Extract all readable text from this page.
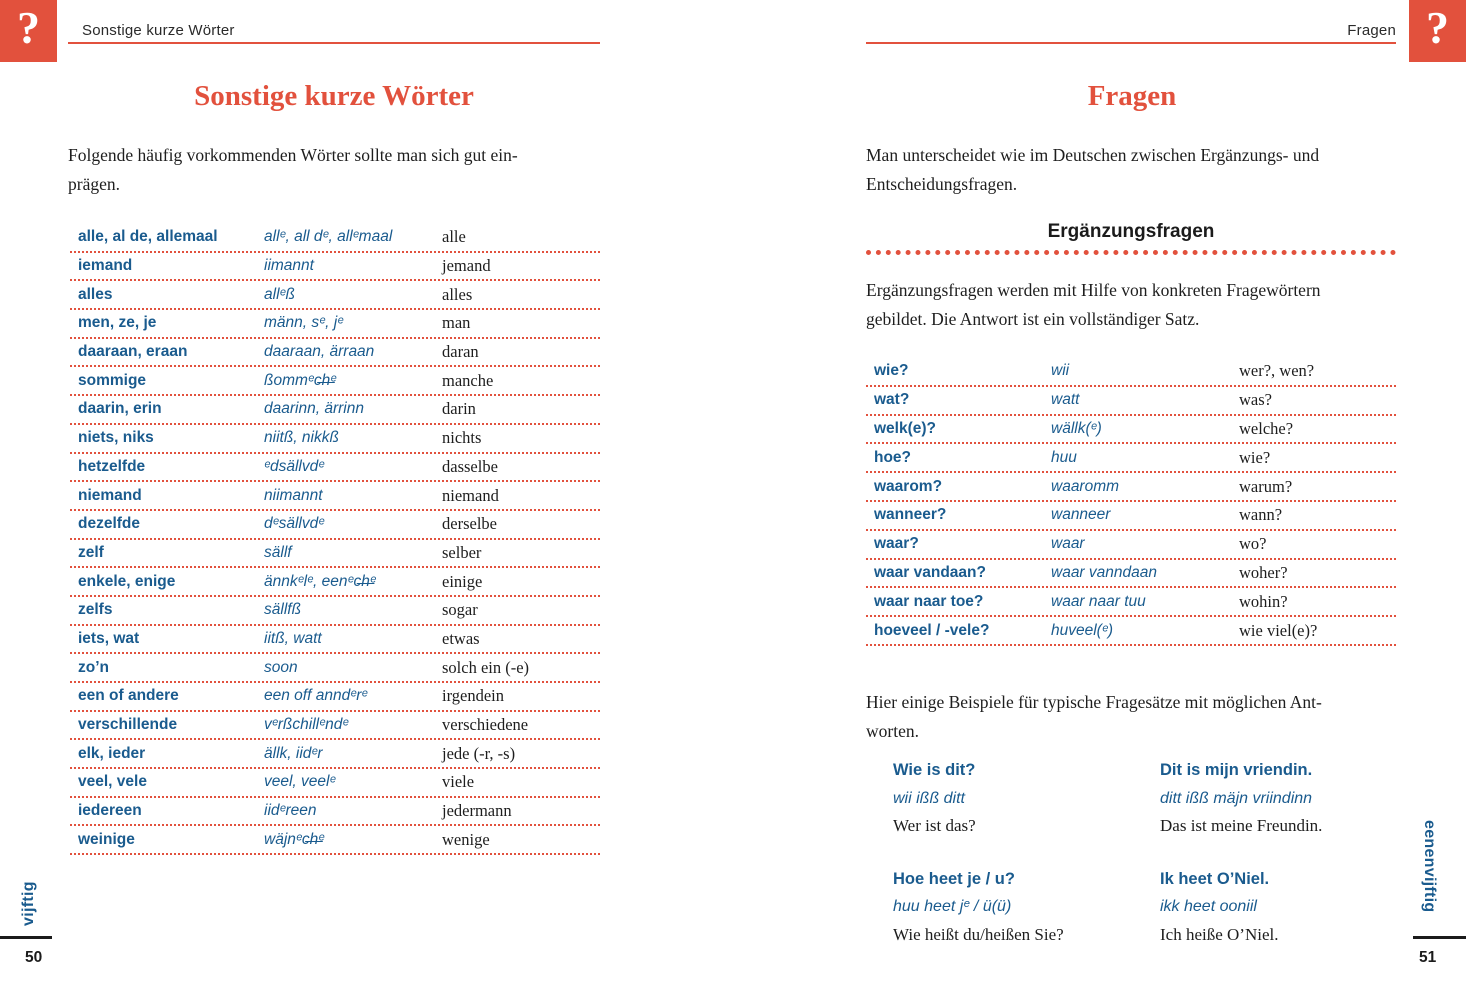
?	?
Sonstige kurze Wörter	Fragen
Sonstige kurze Wörter
Folgende häufig vorkommenden Wörter sollte man sich gut ein-
prägen.
alle, al de, allemaal	allᵉ, all dᵉ, allᵉmaal	alle
iemand	iimannt	jemand
alles	allᵉß	alles
men, ze, je	männ, sᵉ, jᵉ	man
daaraan, eraan	daaraan, ärraan	daran
sommige	ßommᵉc̶h̶ᵉ	manche
daarin, erin	daarinn, ärrinn	darin
niets, niks	niitß, nikkß	nichts
hetzelfde	ᵉdsällvdᵉ	dasselbe
niemand	niimannt	niemand
dezelfde	dᵉsällvdᵉ	derselbe
zelf	sällf	selber
enkele, enige	ännkᵉlᵉ, eenᵉc̶h̶ᵉ	einige
zelfs	sällfß	sogar
iets, wat	iitß, watt	etwas
zo’n	soon	solch ein (-e)
een of andere	een off anndᵉrᵉ	irgendein
verschillende	vᵉrßchillᵉndᵉ	verschiedene
elk, ieder	ällk, iidᵉr	jede (-r, -s)
veel, vele	veel, veelᵉ	viele
iedereen	iidᵉreen	jedermann
weinige	wäjnᵉc̶h̶ᵉ	wenige
Fragen
Man unterscheidet wie im Deutschen zwischen Ergänzungs- und
Entscheidungsfragen.
Ergänzungsfragen
Ergänzungsfragen werden mit Hilfe von konkreten Fragewörtern
gebildet. Die Antwort ist ein vollständiger Satz.
wie?	wii	wer?, wen?
wat?	watt	was?
welk(e)?	wällk(ᵉ)	welche?
hoe?	huu	wie?
waarom?	waaromm	warum?
wanneer?	wanneer	wann?
waar?	waar	wo?
waar vandaan?	waar vanndaan	woher?
waar naar toe?	waar naar tuu	wohin?
hoeveel / -vele?	huveel(ᵉ)	wie viel(e)?
Hier einige Beispiele für typische Fragesätze mit möglichen Ant-
worten.
Wie is dit?
wii ißß ditt
Wer ist das?
Dit is mijn vriendin.
ditt ißß mäjn vriindinn
Das ist meine Freundin.
Hoe heet je / u?
huu heet jᵉ / ü(ü)
Wie heißt du/heißen Sie?
Ik heet O’Niel.
ikk heet ooniil
Ich heiße O’Niel.
vijftig
50
eenenvijftig
51
